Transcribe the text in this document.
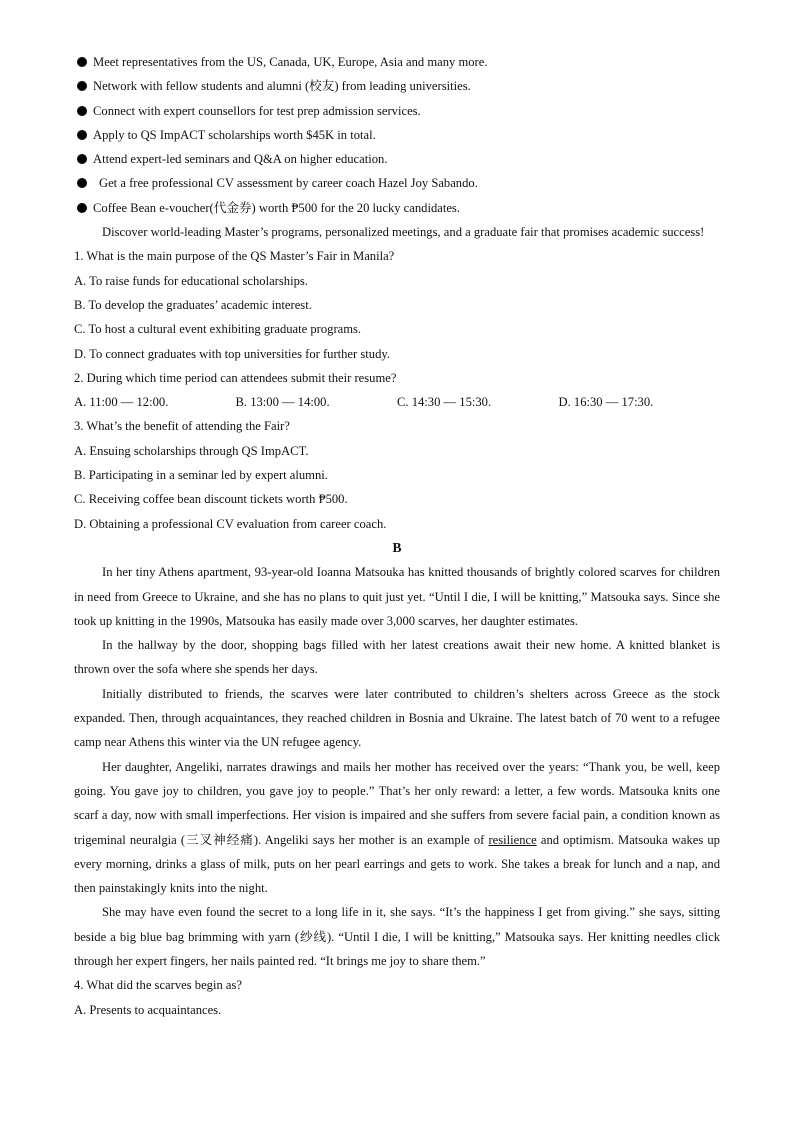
Meet representatives from the US, Canada, UK, Europe, Asia and many more.
Network with fellow students and alumni (校友) from leading universities.
Connect with expert counsellors for test prep admission services.
Apply to QS ImpACT scholarships worth $45K in total.
Attend expert-led seminars and Q&A on higher education.
Get a free professional CV assessment by career coach Hazel Joy Sabando.
Coffee Bean e-voucher(代金券) worth ₱500 for the 20 lucky candidates.

Discover world-leading Master’s programs, personalized meetings, and a graduate fair that promises academic success!

1. What is the main purpose of the QS Master’s Fair in Manila?
A. To raise funds for educational scholarships.
B. To develop the graduates’ academic interest.
C. To host a cultural event exhibiting graduate programs.
D. To connect graduates with top universities for further study.
2. During which time period can attendees submit their resume?
A. 11:00 — 12:00.	B. 13:00 — 14:00.	C. 14:30 — 15:30.	D. 16:30 — 17:30.
3. What’s the benefit of attending the Fair?
A. Ensuing scholarships through QS ImpACT.
B. Participating in a seminar led by expert alumni.
C. Receiving coffee bean discount tickets worth ₱500.
D. Obtaining a professional CV evaluation from career coach.
B

In her tiny Athens apartment, 93-year-old Ioanna Matsouka has knitted thousands of brightly colored scarves for children in need from Greece to Ukraine, and she has no plans to quit just yet. “Until I die, I will be knitting,” Matsouka says. Since she took up knitting in the 1990s, Matsouka has easily made over 3,000 scarves, her daughter estimates.

In the hallway by the door, shopping bags filled with her latest creations await their new home. A knitted blanket is thrown over the sofa where she spends her days.

Initially distributed to friends, the scarves were later contributed to children’s shelters across Greece as the stock expanded. Then, through acquaintances, they reached children in Bosnia and Ukraine. The latest batch of 70 went to a refugee camp near Athens this winter via the UN refugee agency.

Her daughter, Angeliki, narrates drawings and mails her mother has received over the years: “Thank you, be well, keep going. You gave joy to children, you gave joy to people.” That’s her only reward: a letter, a few words. Matsouka knits one scarf a day, now with small imperfections. Her vision is impaired and she suffers from severe facial pain, a condition known as trigeminal neuralgia (三叉神经痛). Angeliki says her mother is an example of resilience and optimism. Matsouka wakes up every morning, drinks a glass of milk, puts on her pearl earrings and gets to work. She takes a break for lunch and a nap, and then painstakingly knits into the night.

She may have even found the secret to a long life in it, she says. “It’s the happiness I get from giving.” she says, sitting beside a big blue bag brimming with yarn (纱线). “Until I die, I will be knitting,” Matsouka says. Her knitting needles click through her expert fingers, her nails painted red. “It brings me joy to share them.”

4. What did the scarves begin as?
A. Presents to acquaintances.
